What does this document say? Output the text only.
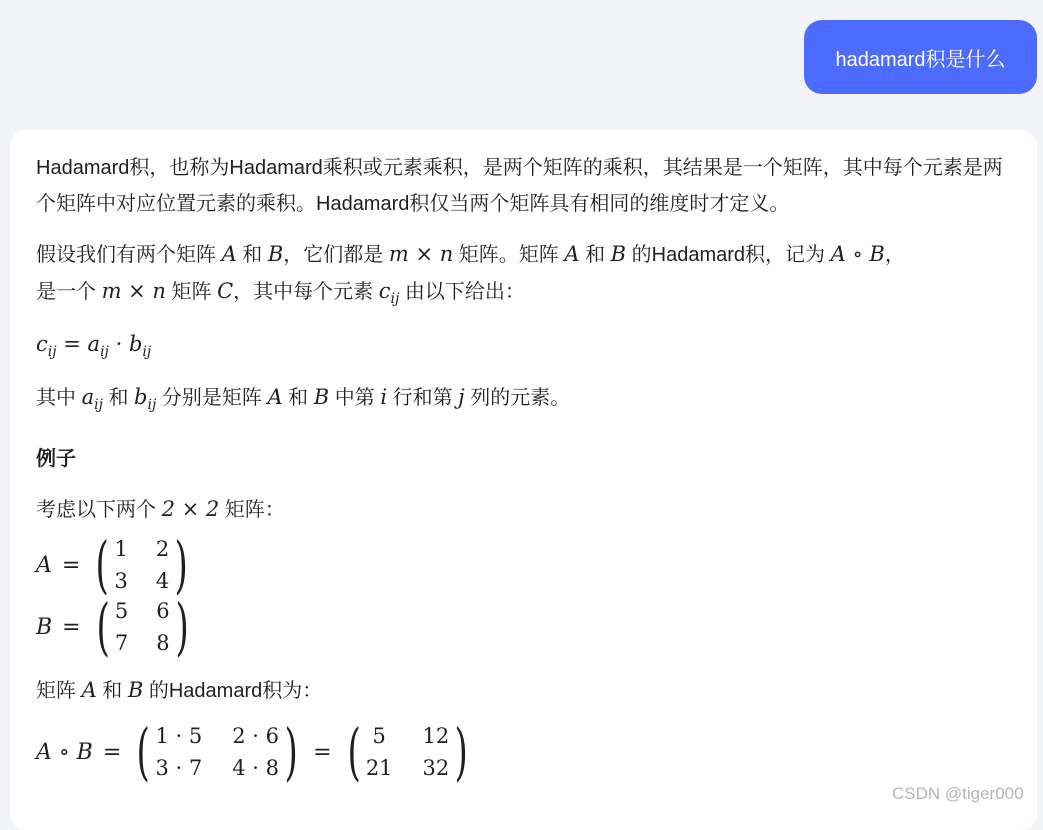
hadamard积是什么

Hadamard积，也称为Hadamard乘积或元素乘积，是两个矩阵的乘积，其结果是一个矩阵，其中每个元素是两个矩阵中对应位置元素的乘积。Hadamard积仅当两个矩阵具有相同的维度时才定义。

假设我们有两个矩阵 A 和 B，它们都是 m × n 矩阵。矩阵 A 和 B 的Hadamard积，记为 A ∘ B，
是一个 m × n 矩阵 C，其中每个元素 $c_{ij}$ 由以下给出：

$c_{ij} = a_{ij} \cdot b_{ij}$

其中 $a_{ij}$ 和 $b_{ij}$ 分别是矩阵 A 和 B 中第 i 行和第 j 列的元素。

例子

考虑以下两个 2 × 2 矩阵：

A = ( 1 2
3 4 )
B = ( 5 6
7 8 )

矩阵 A 和 B 的Hadamard积为：

A ∘ B = ( 1 · 5 2 · 6
3 · 7 4 · 8 ) = ( 5	12
21 32 )
CSDN @tiger000
